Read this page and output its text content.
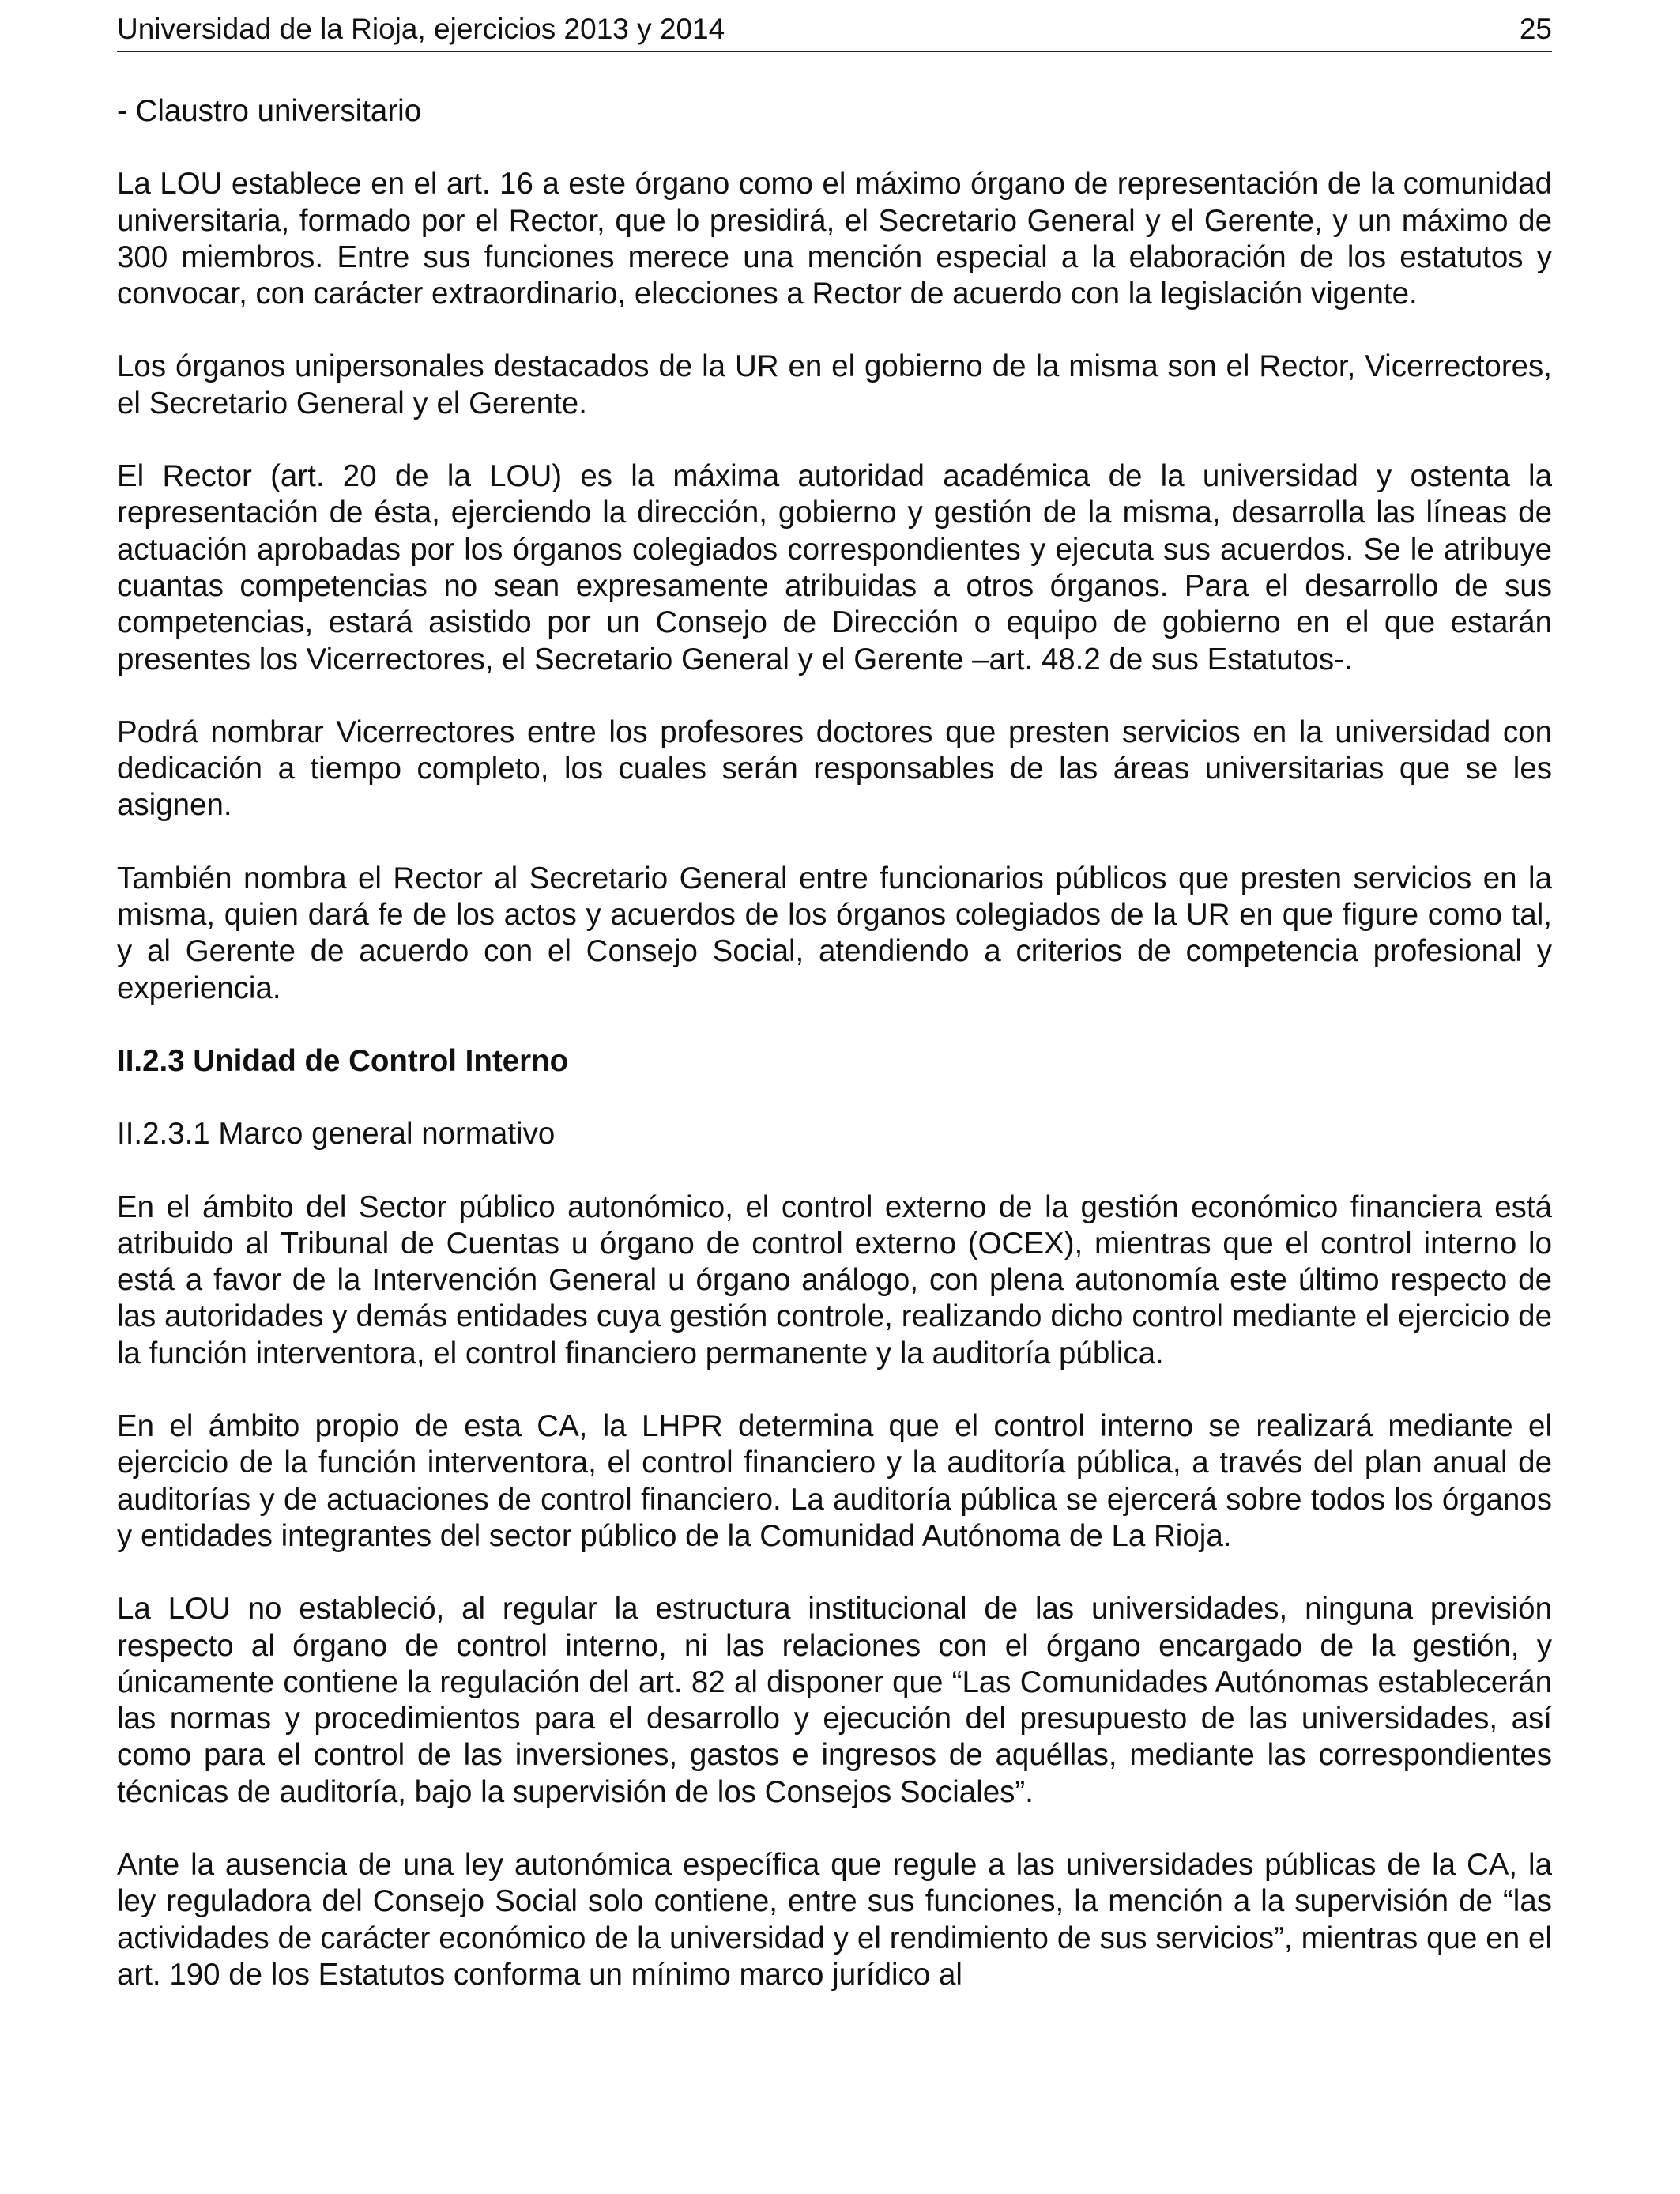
Universidad de la Rioja, ejercicios 2013 y 2014	25

- Claustro universitario

La LOU establece en el art. 16 a este órgano como el máximo órgano de representación de la comunidad universitaria, formado por el Rector, que lo presidirá, el Secretario General y el Gerente, y un máximo de 300 miembros. Entre sus funciones merece una mención especial a la elaboración de los estatutos y convocar, con carácter extraordinario, elecciones a Rector de acuerdo con la legislación vigente.

Los órganos unipersonales destacados de la UR en el gobierno de la misma son el Rector, Vicerrectores, el Secretario General y el Gerente.

El Rector (art. 20 de la LOU) es la máxima autoridad académica de la universidad y ostenta la representación de ésta, ejerciendo la dirección, gobierno y gestión de la misma, desarrolla las líneas de actuación aprobadas por los órganos colegiados correspondientes y ejecuta sus acuerdos. Se le atribuye cuantas competencias no sean expresamente atribuidas a otros órganos. Para el desarrollo de sus competencias, estará asistido por un Consejo de Dirección o equipo de gobierno en el que estarán presentes los Vicerrectores, el Secretario General y el Gerente –art. 48.2 de sus Estatutos-.

Podrá nombrar Vicerrectores entre los profesores doctores que presten servicios en la universidad con dedicación a tiempo completo, los cuales serán responsables de las áreas universitarias que se les asignen.

También nombra el Rector al Secretario General entre funcionarios públicos que presten servicios en la misma, quien dará fe de los actos y acuerdos de los órganos colegiados de la UR en que figure como tal, y al Gerente de acuerdo con el Consejo Social, atendiendo a criterios de competencia profesional y experiencia.

II.2.3 Unidad de Control Interno
II.2.3.1 Marco general normativo

En el ámbito del Sector público autonómico, el control externo de la gestión económico financiera está atribuido al Tribunal de Cuentas u órgano de control externo (OCEX), mientras que el control interno lo está a favor de la Intervención General u órgano análogo, con plena autonomía este último respecto de las autoridades y demás entidades cuya gestión controle, realizando dicho control mediante el ejercicio de la función interventora, el control financiero permanente y la auditoría pública.

En el ámbito propio de esta CA, la LHPR determina que el control interno se realizará mediante el ejercicio de la función interventora, el control financiero y la auditoría pública, a través del plan anual de auditorías y de actuaciones de control financiero. La auditoría pública se ejercerá sobre todos los órganos y entidades integrantes del sector público de la Comunidad Autónoma de La Rioja.

La LOU no estableció, al regular la estructura institucional de las universidades, ninguna previsión respecto al órgano de control interno, ni las relaciones con el órgano encargado de la gestión, y únicamente contiene la regulación del art. 82 al disponer que “Las Comunidades Autónomas establecerán las normas y procedimientos para el desarrollo y ejecución del presupuesto de las universidades, así como para el control de las inversiones, gastos e ingresos de aquéllas, mediante las correspondientes técnicas de auditoría, bajo la supervisión de los Consejos Sociales”.

Ante la ausencia de una ley autonómica específica que regule a las universidades públicas de la CA, la ley reguladora del Consejo Social solo contiene, entre sus funciones, la mención a la supervisión de “las actividades de carácter económico de la universidad y el rendimiento de sus servicios”, mientras que en el art. 190 de los Estatutos conforma un mínimo marco jurídico al
